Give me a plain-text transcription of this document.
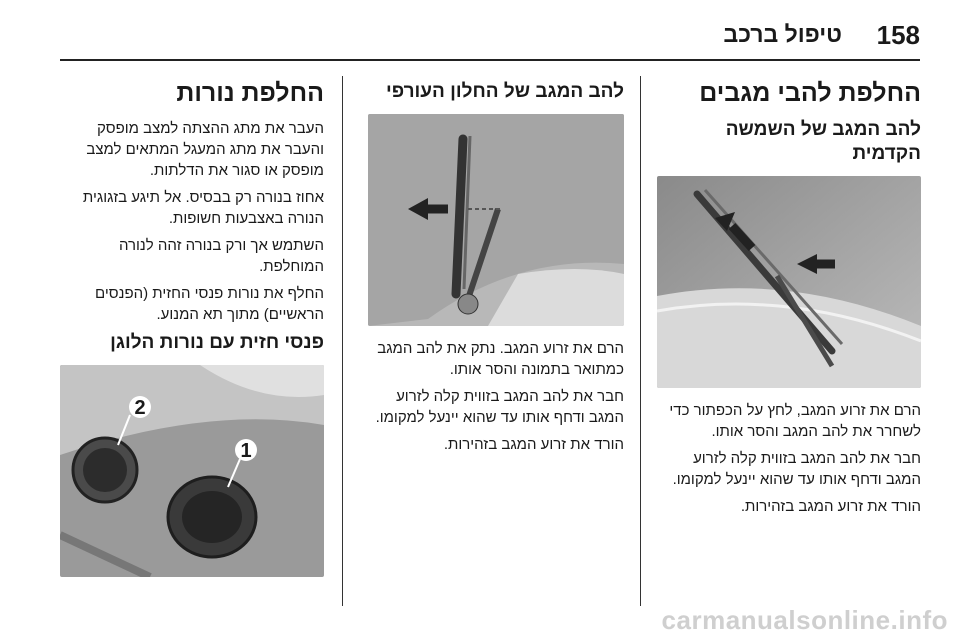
158
טיפול ברכב
החלפת להבי מגבים
להב המגב של השמשה הקדמית

הרם את זרוע המגב, לחץ על הכפתור כדי לשחרר את להב המגב והסר אותו.

חבר את להב המגב בזווית קלה לזרוע המגב ודחף אותו עד שהוא יינעל למקומו.

הורד את זרוע המגב בזהירות.

להב המגב של החלון העורפי

הרם את זרוע המגב. נתק את להב המגב כמתואר בתמונה והסר אותו.

חבר את להב המגב בזווית קלה לזרוע המגב ודחף אותו עד שהוא יינעל למקומו.

הורד את זרוע המגב בזהירות.

החלפת נורות

העבר את מתג ההצתה למצב מופסק והעבר את מתג המעגל המתאים למצב מופסק או סגור את הדלתות.

אחוז בנורה רק בבסיס. אל תיגע בזגוגית הנורה באצבעות חשופות.

השתמש אך ורק בנורה זהה לנורה המוחלפת.

החלף את נורות פנסי החזית (הפנסים הראשיים) מתוך תא המנוע.

פנסי חזית עם נורות הלוגן
2
1
carmanualsonline.info
